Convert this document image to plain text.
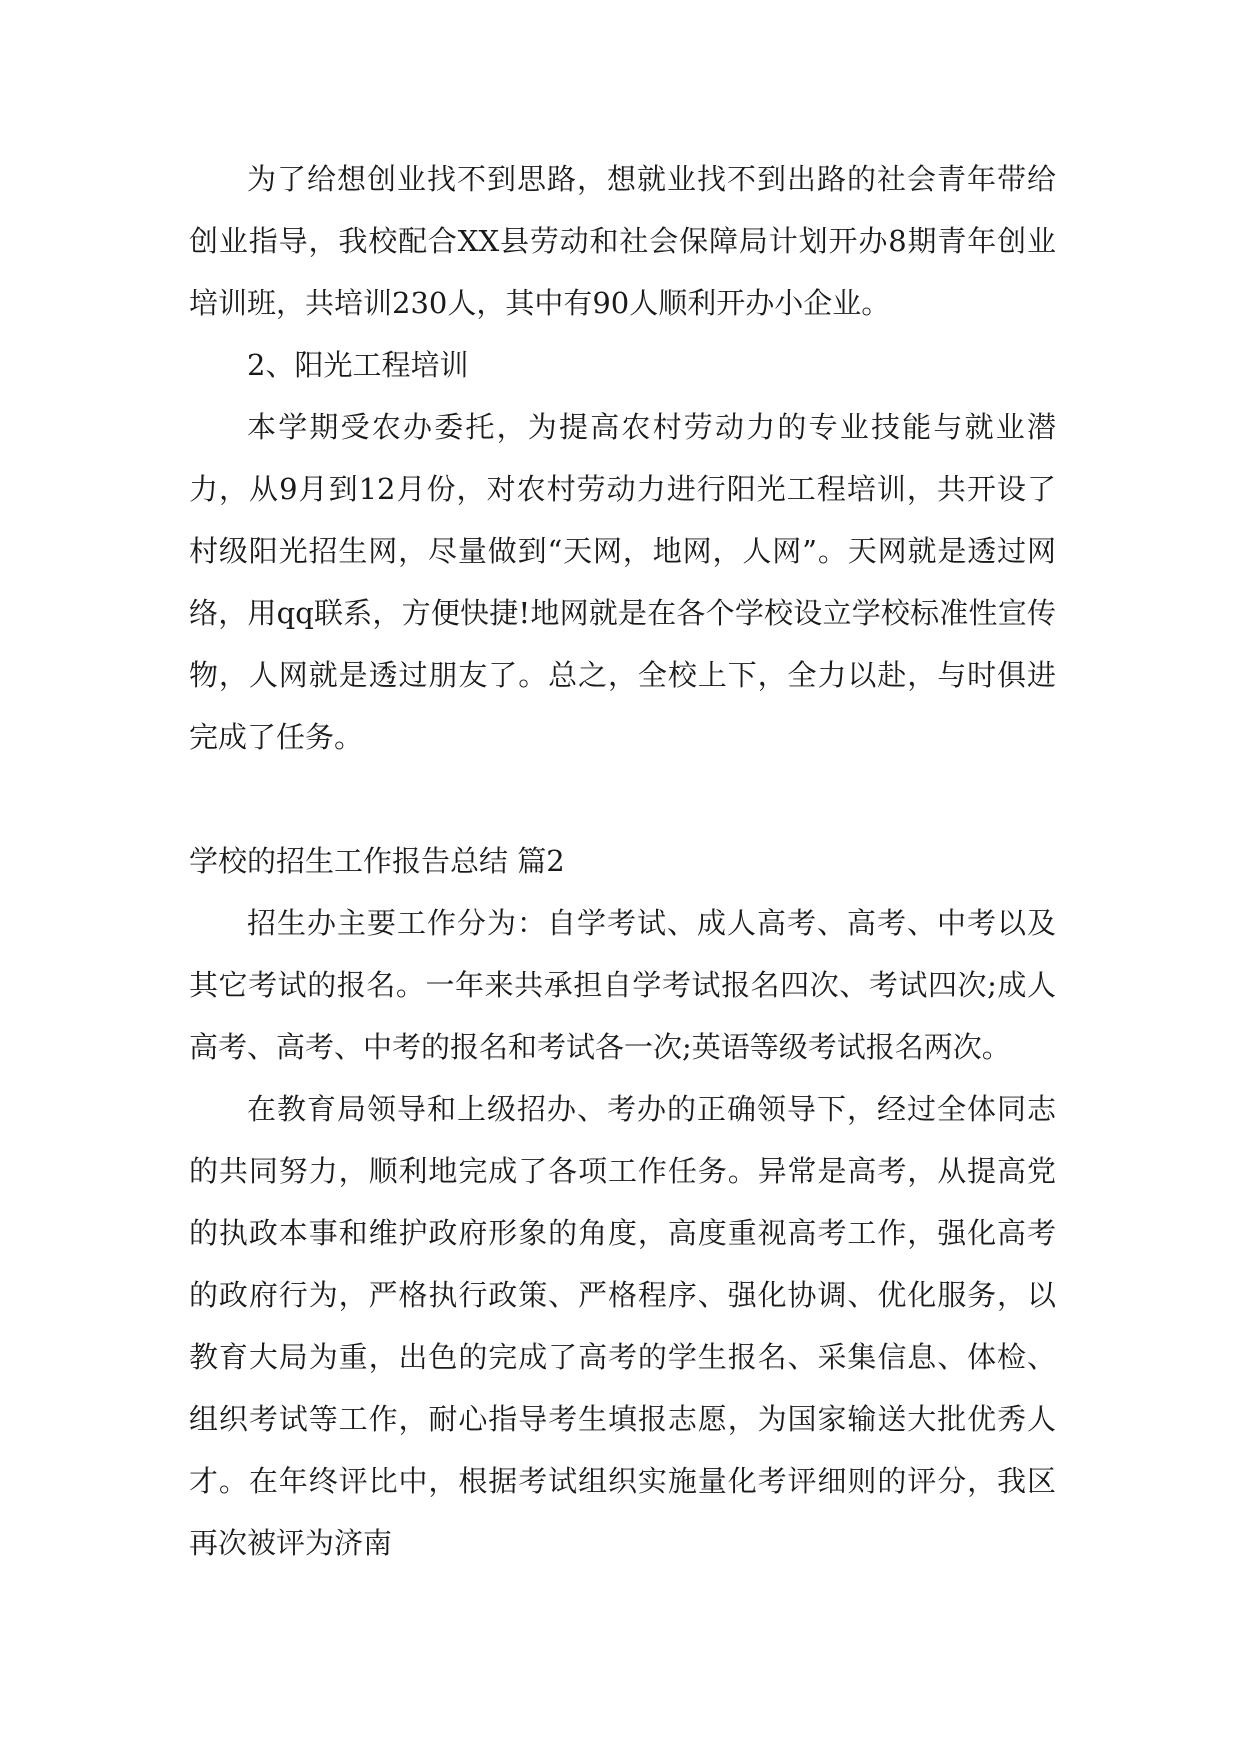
为了给想创业找不到思路，想就业找不到出路的社会青年带给创业指导，我校配合XX县劳动和社会保障局计划开办8期青年创业培训班，共培训230人，其中有90人顺利开办小企业。

2、阳光工程培训

本学期受农办委托，为提高农村劳动力的专业技能与就业潜力，从9月到12月份，对农村劳动力进行阳光工程培训，共开设了村级阳光招生网，尽量做到“天网，地网，人网”。天网就是透过网络，用qq联系，方便快捷!地网就是在各个学校设立学校标准性宣传物，人网就是透过朋友了。总之，全校上下，全力以赴，与时俱进完成了任务。

学校的招生工作报告总结 篇2

招生办主要工作分为：自学考试、成人高考、高考、中考以及其它考试的报名。一年来共承担自学考试报名四次、考试四次;成人高考、高考、中考的报名和考试各一次;英语等级考试报名两次。

在教育局领导和上级招办、考办的正确领导下，经过全体同志的共同努力，顺利地完成了各项工作任务。异常是高考，从提高党的执政本事和维护政府形象的角度，高度重视高考工作，强化高考的政府行为，严格执行政策、严格程序、强化协调、优化服务，以教育大局为重，出色的完成了高考的学生报名、采集信息、体检、组织考试等工作，耐心指导考生填报志愿，为国家输送大批优秀人才。在年终评比中，根据考试组织实施量化考评细则的评分，我区再次被评为济南
